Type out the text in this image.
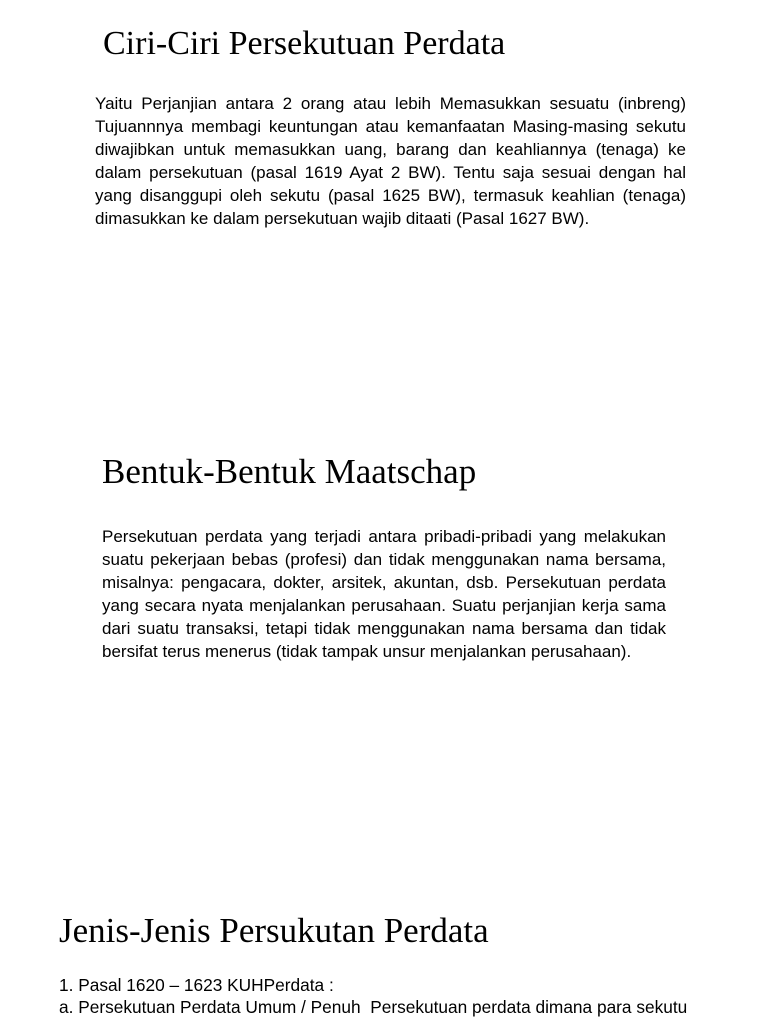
Ciri-Ciri Persekutuan Perdata
Yaitu Perjanjian antara 2 orang atau lebih Memasukkan sesuatu (inbreng)
Tujuannnya membagi keuntungan atau kemanfaatan Masing-masing sekutu
diwajibkan untuk memasukkan uang, barang dan keahliannya (tenaga) ke
dalam persekutuan (pasal 1619 Ayat 2 BW). Tentu saja sesuai dengan hal
yang disanggupi oleh sekutu (pasal 1625 BW), termasuk keahlian (tenaga)
dimasukkan ke dalam persekutuan wajib ditaati (Pasal 1627 BW).
Bentuk-Bentuk Maatschap
Persekutuan perdata yang terjadi antara pribadi-pribadi yang melakukan
suatu pekerjaan bebas (profesi) dan tidak menggunakan nama bersama,
misalnya: pengacara, dokter, arsitek, akuntan, dsb. Persekutuan perdata
yang secara nyata menjalankan perusahaan. Suatu perjanjian kerja sama
dari suatu transaksi, tetapi tidak menggunakan nama bersama dan tidak
bersifat terus menerus (tidak tampak unsur menjalankan perusahaan).
Jenis-Jenis Persukutan Perdata
1. Pasal 1620 – 1623 KUHPerdata :
a. Persekutuan Perdata Umum / Penuh  Persekutuan perdata dimana para sekutu
